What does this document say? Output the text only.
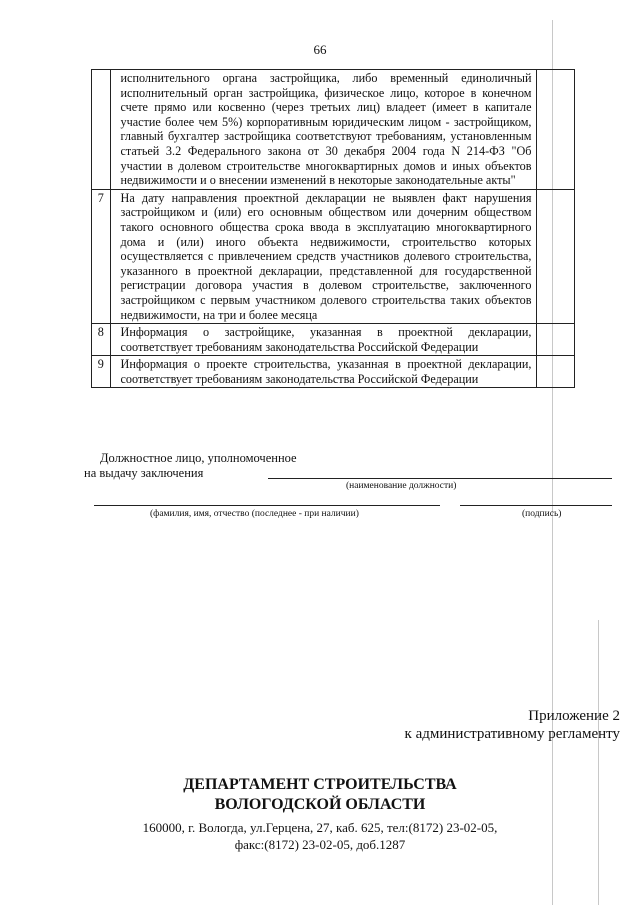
66
	исполнительного органа застройщика, либо временный единоличный исполнительный орган застройщика, физическое лицо, которое в конечном счете прямо или косвенно (через третьих лиц) владеет (имеет в капитале участие более чем 5%) корпоративным юридическим лицом - застройщиком, главный бухгалтер застройщика соответствуют требованиям, установленным статьей 3.2 Федерального закона от 30 декабря 2004 года N 214-ФЗ "Об участии в долевом строительстве многоквартирных домов и иных объектов недвижимости и о внесении изменений в некоторые законодательные акты"	
7	На дату направления проектной декларации не выявлен факт нарушения застройщиком и (или) его основным обществом или дочерним обществом такого основного общества срока ввода в эксплуатацию многоквартирного дома и (или) иного объекта недвижимости, строительство которых осуществляется с привлечением средств участников долевого строительства, указанного в проектной декларации, представленной для государственной регистрации договора участия в долевом строительстве, заключенного застройщиком с первым участником долевого строительства таких объектов недвижимости, на три и более месяца	
8	Информация о застройщике, указанная в проектной декларации, соответствует требованиям законодательства Российской Федерации	
9	Информация о проекте строительства, указанная в проектной декларации, соответствует требованиям законодательства Российской Федерации	
Должностное лицо, уполномоченное
на выдачу заключения
(наименование должности)
(фамилия, имя, отчество (последнее - при наличии)	(подпись)
Приложение 2
к административному регламенту
ДЕПАРТАМЕНТ СТРОИТЕЛЬСТВА
ВОЛОГОДСКОЙ ОБЛАСТИ
160000, г. Вологда, ул.Герцена, 27, каб. 625, тел:(8172) 23-02-05,
факс:(8172) 23-02-05, доб.1287
